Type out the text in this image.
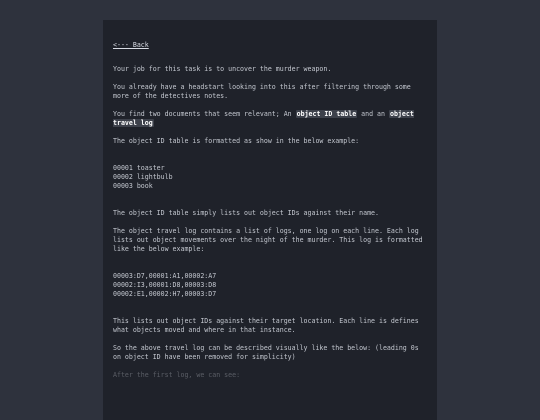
<--- Back

Your job for this task is to uncover the murder weapon.

You already have a headstart looking into this after filtering through some more of the detectives notes.

You find two documents that seem relevant; An object ID table and an object travel log

The object ID table is formatted as show in the below example:

00001 toaster
00002 lightbulb
00003 book

The object ID table simply lists out object IDs against their name.

The object travel log contains a list of logs, one log on each line. Each log lists out object movements over the night of the murder. This log is formatted like the below example:

00003:D7,00001:A1,00002:A7
00002:I3,00001:D8,00003:D8
00002:E1,00002:H7,00003:D7

This lists out object IDs against their target location. Each line is defines what objects moved and where in that instance.

So the above travel log can be described visually like the below: (leading 0s on object ID have been removed for simplicity)

After the first log, we can see:
